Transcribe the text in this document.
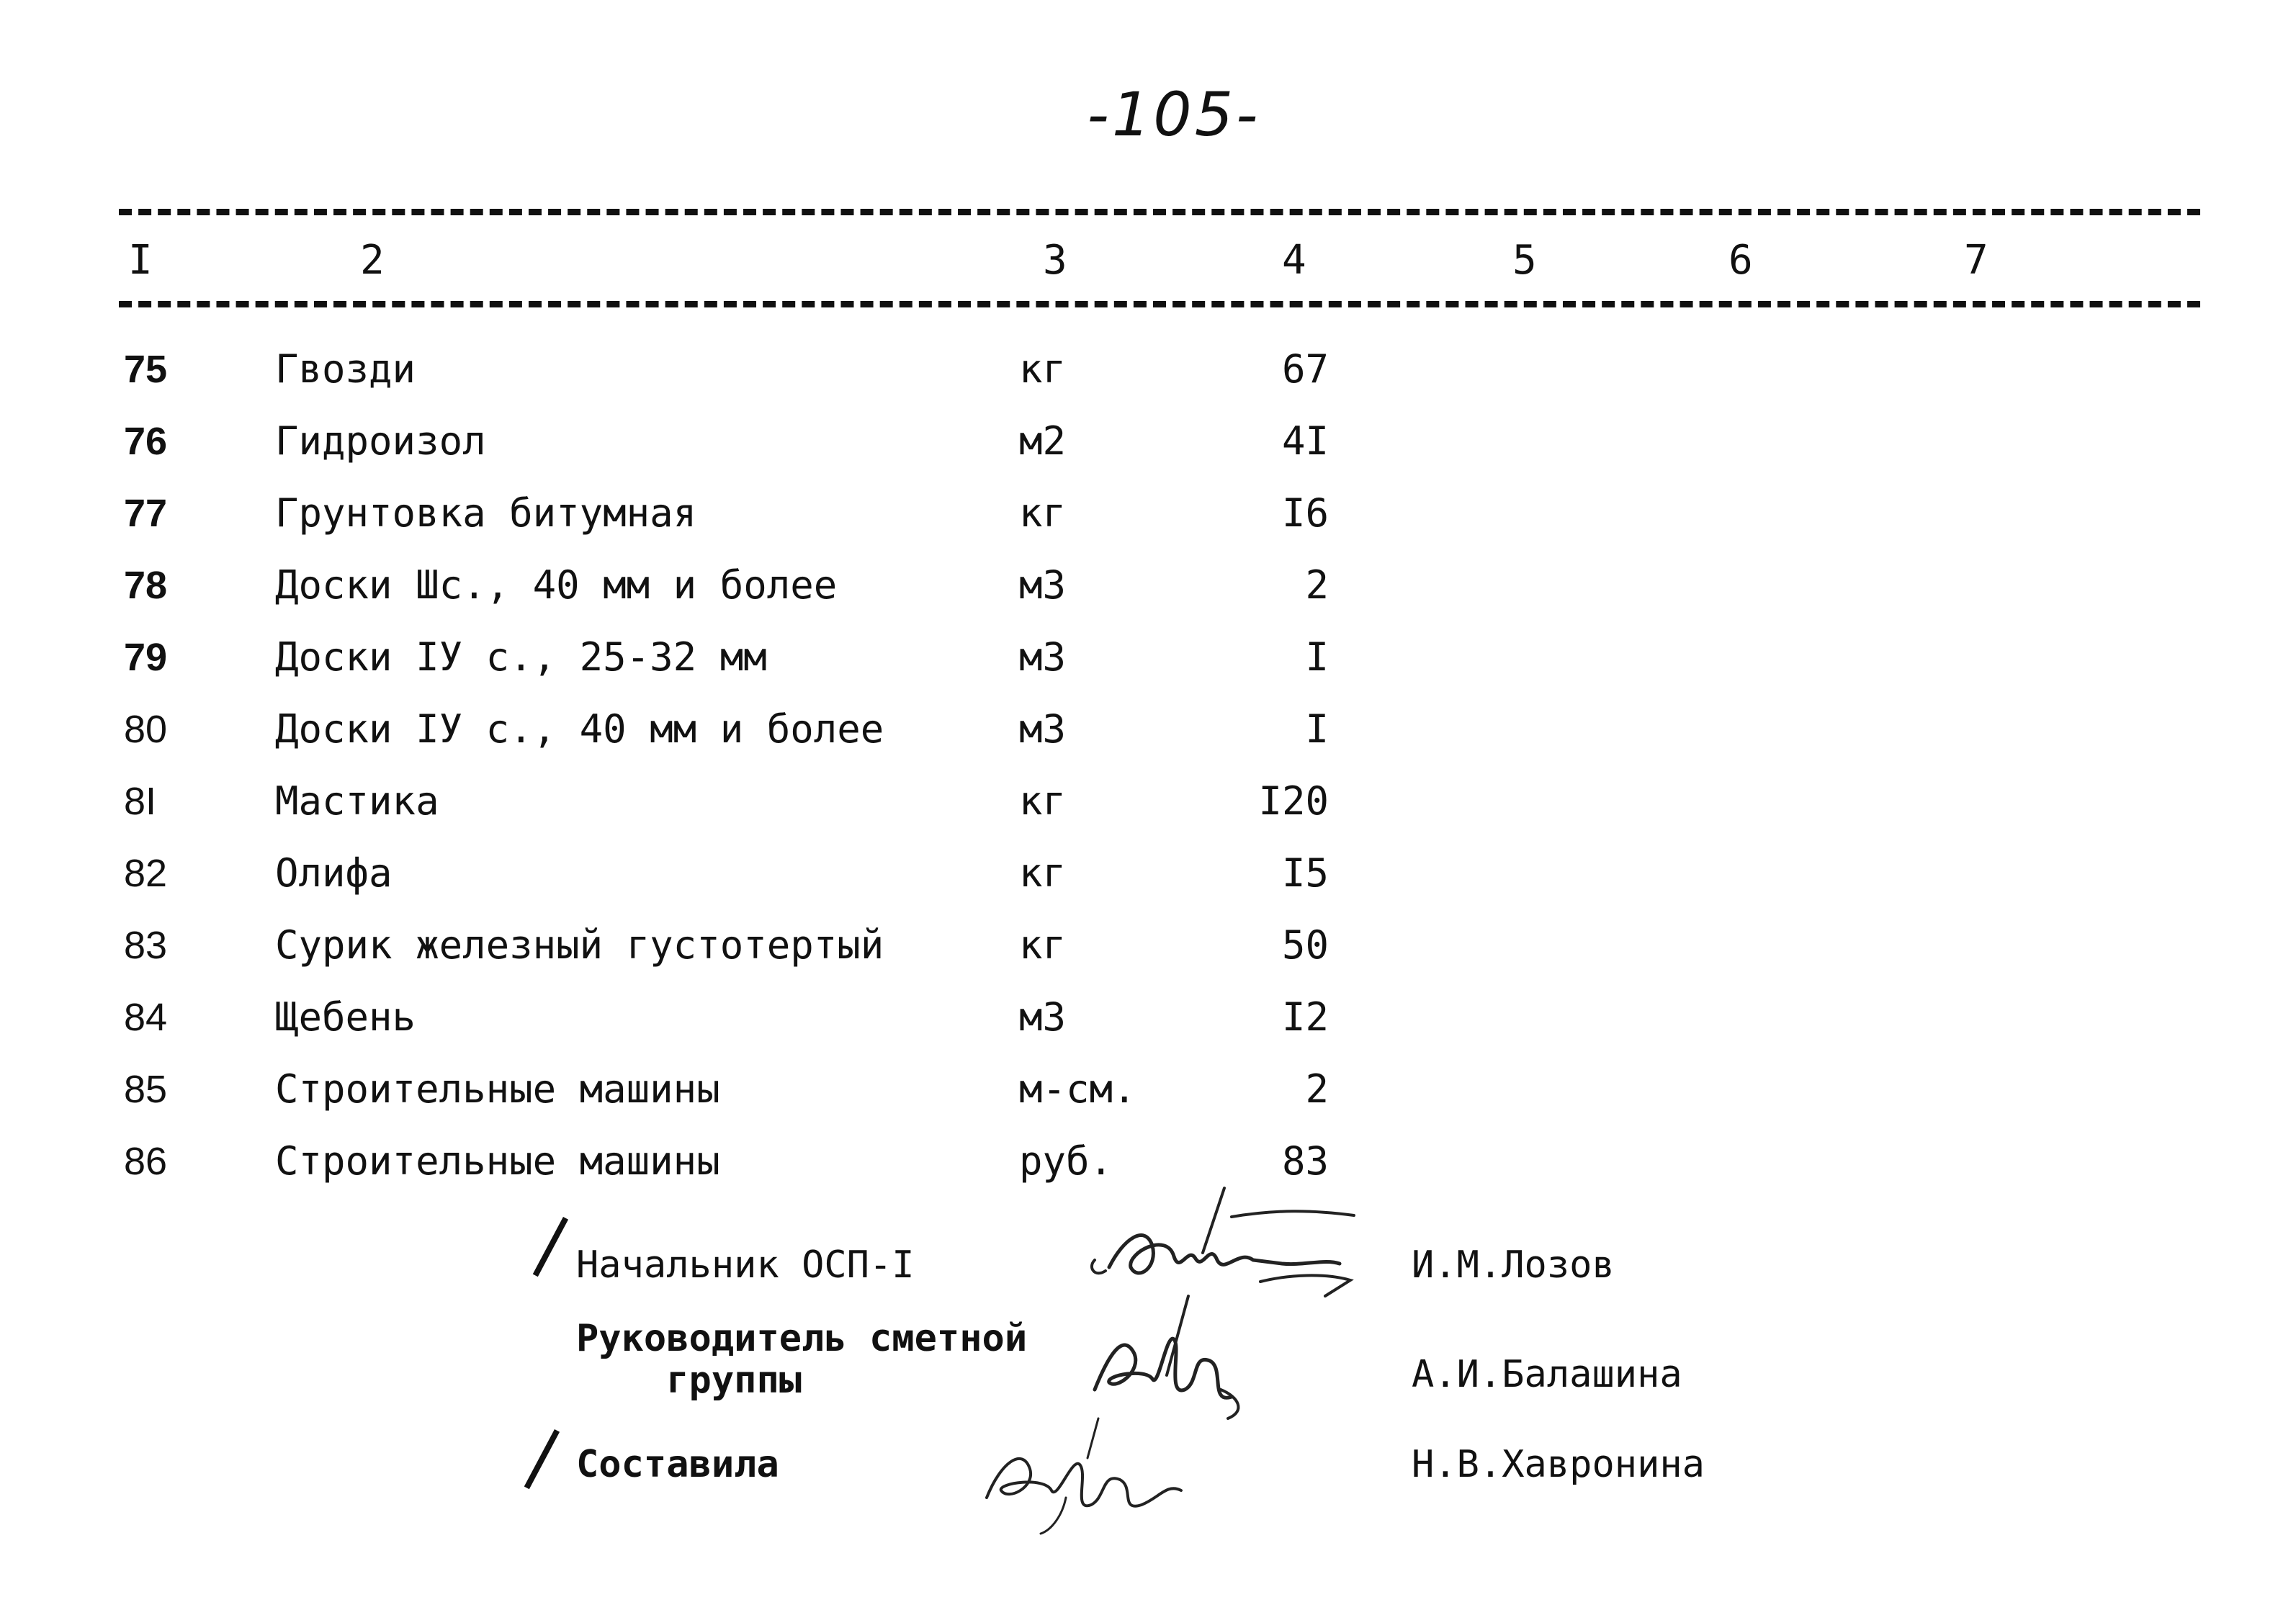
-105-
I	2	3	4	5	6	7
75	Гвозди	кг	67
76	Гидроизол	м2	4I
77	Грунтовка битумная	кг	I6
78	Доски Шс., 40 мм и более	м3	2
79	Доски IУ с., 25-32 мм	м3	I
80	Доски IУ с., 40 мм и более	м3	I
8I	Мастика	кг	I20
82	Олифа	кг	I5
83	Сурик железный густотертый	кг	50
84	Щебень	м3	I2
85	Строительные машины	м-см.	2
86	Строительные машины	руб.	83
Начальник ОСП-I	И.М.Лозов
Руководитель сметной
группы	А.И.Балашина
Составила	Н.В.Хавронина
